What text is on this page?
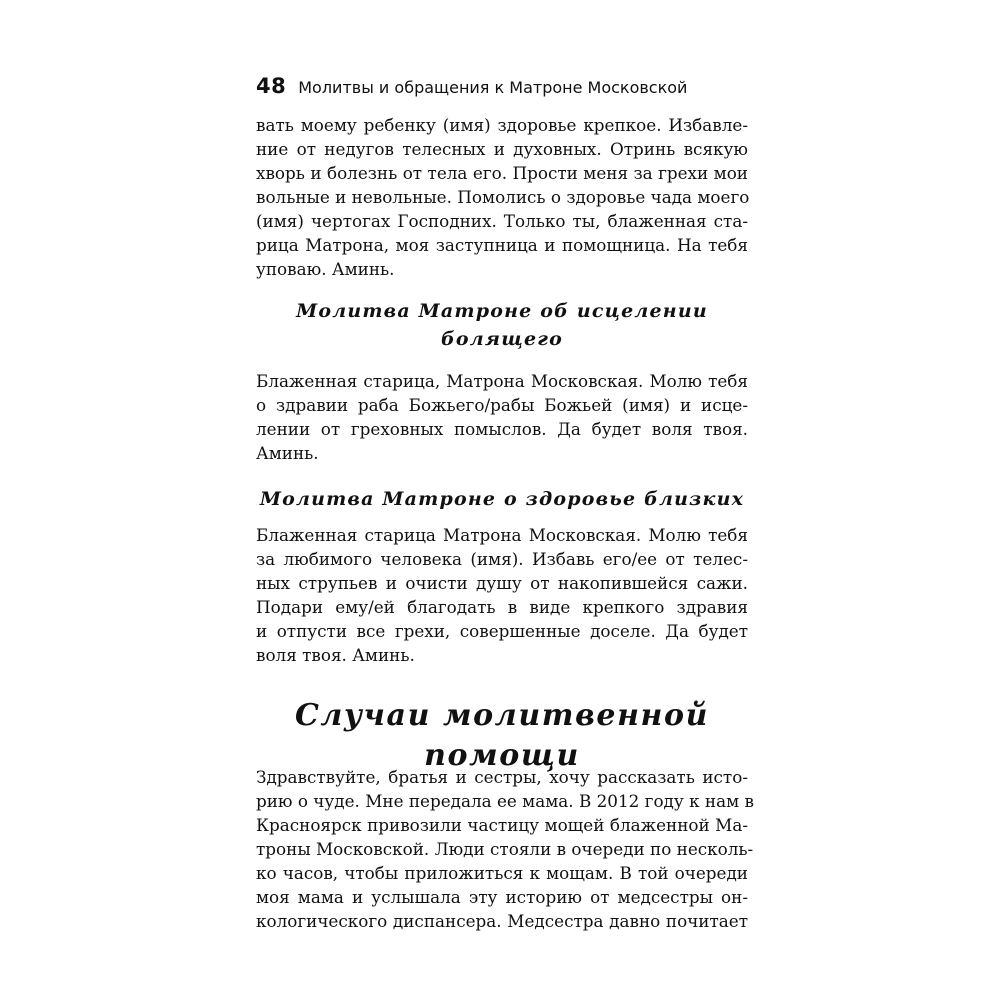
48 Молитвы и обращения к Матроне Московской

вать моему ребенку (имя) здоровье крепкое. Избавле-
ние от недугов телесных и духовных. Отринь всякую
хворь и болезнь от тела его. Прости меня за грехи мои
вольные и невольные. Помолись о здоровье чада моего
(имя) чертогах Господних. Только ты, блаженная ста-
рица Матрона, моя заступница и помощница. На тебя
уповаю. Аминь.

Молитва Матроне об исцелении
болящего

Блаженная старица, Матрона Московская. Молю тебя
о здравии раба Божьего/рабы Божьей (имя) и исце-
лении от греховных помыслов. Да будет воля твоя.
Аминь.

Молитва Матроне о здоровье близких

Блаженная старица Матрона Московская. Молю тебя
за любимого человека (имя). Избавь его/ее от телес-
ных струпьев и очисти душу от накопившейся сажи.
Подари ему/ей благодать в виде крепкого здравия
и отпусти все грехи, совершенные доселе. Да будет
воля твоя. Аминь.

Случаи молитвенной помощи

Здравствуйте, братья и сестры, хочу рассказать исто-
рию о чуде. Мне передала ее мама. В 2012 году к нам в
Красноярск привозили частицу мощей блаженной Ма-
троны Московской. Люди стояли в очереди по несколь-
ко часов, чтобы приложиться к мощам. В той очереди
моя мама и услышала эту историю от медсестры он-
кологического диспансера. Медсестра давно почитает
